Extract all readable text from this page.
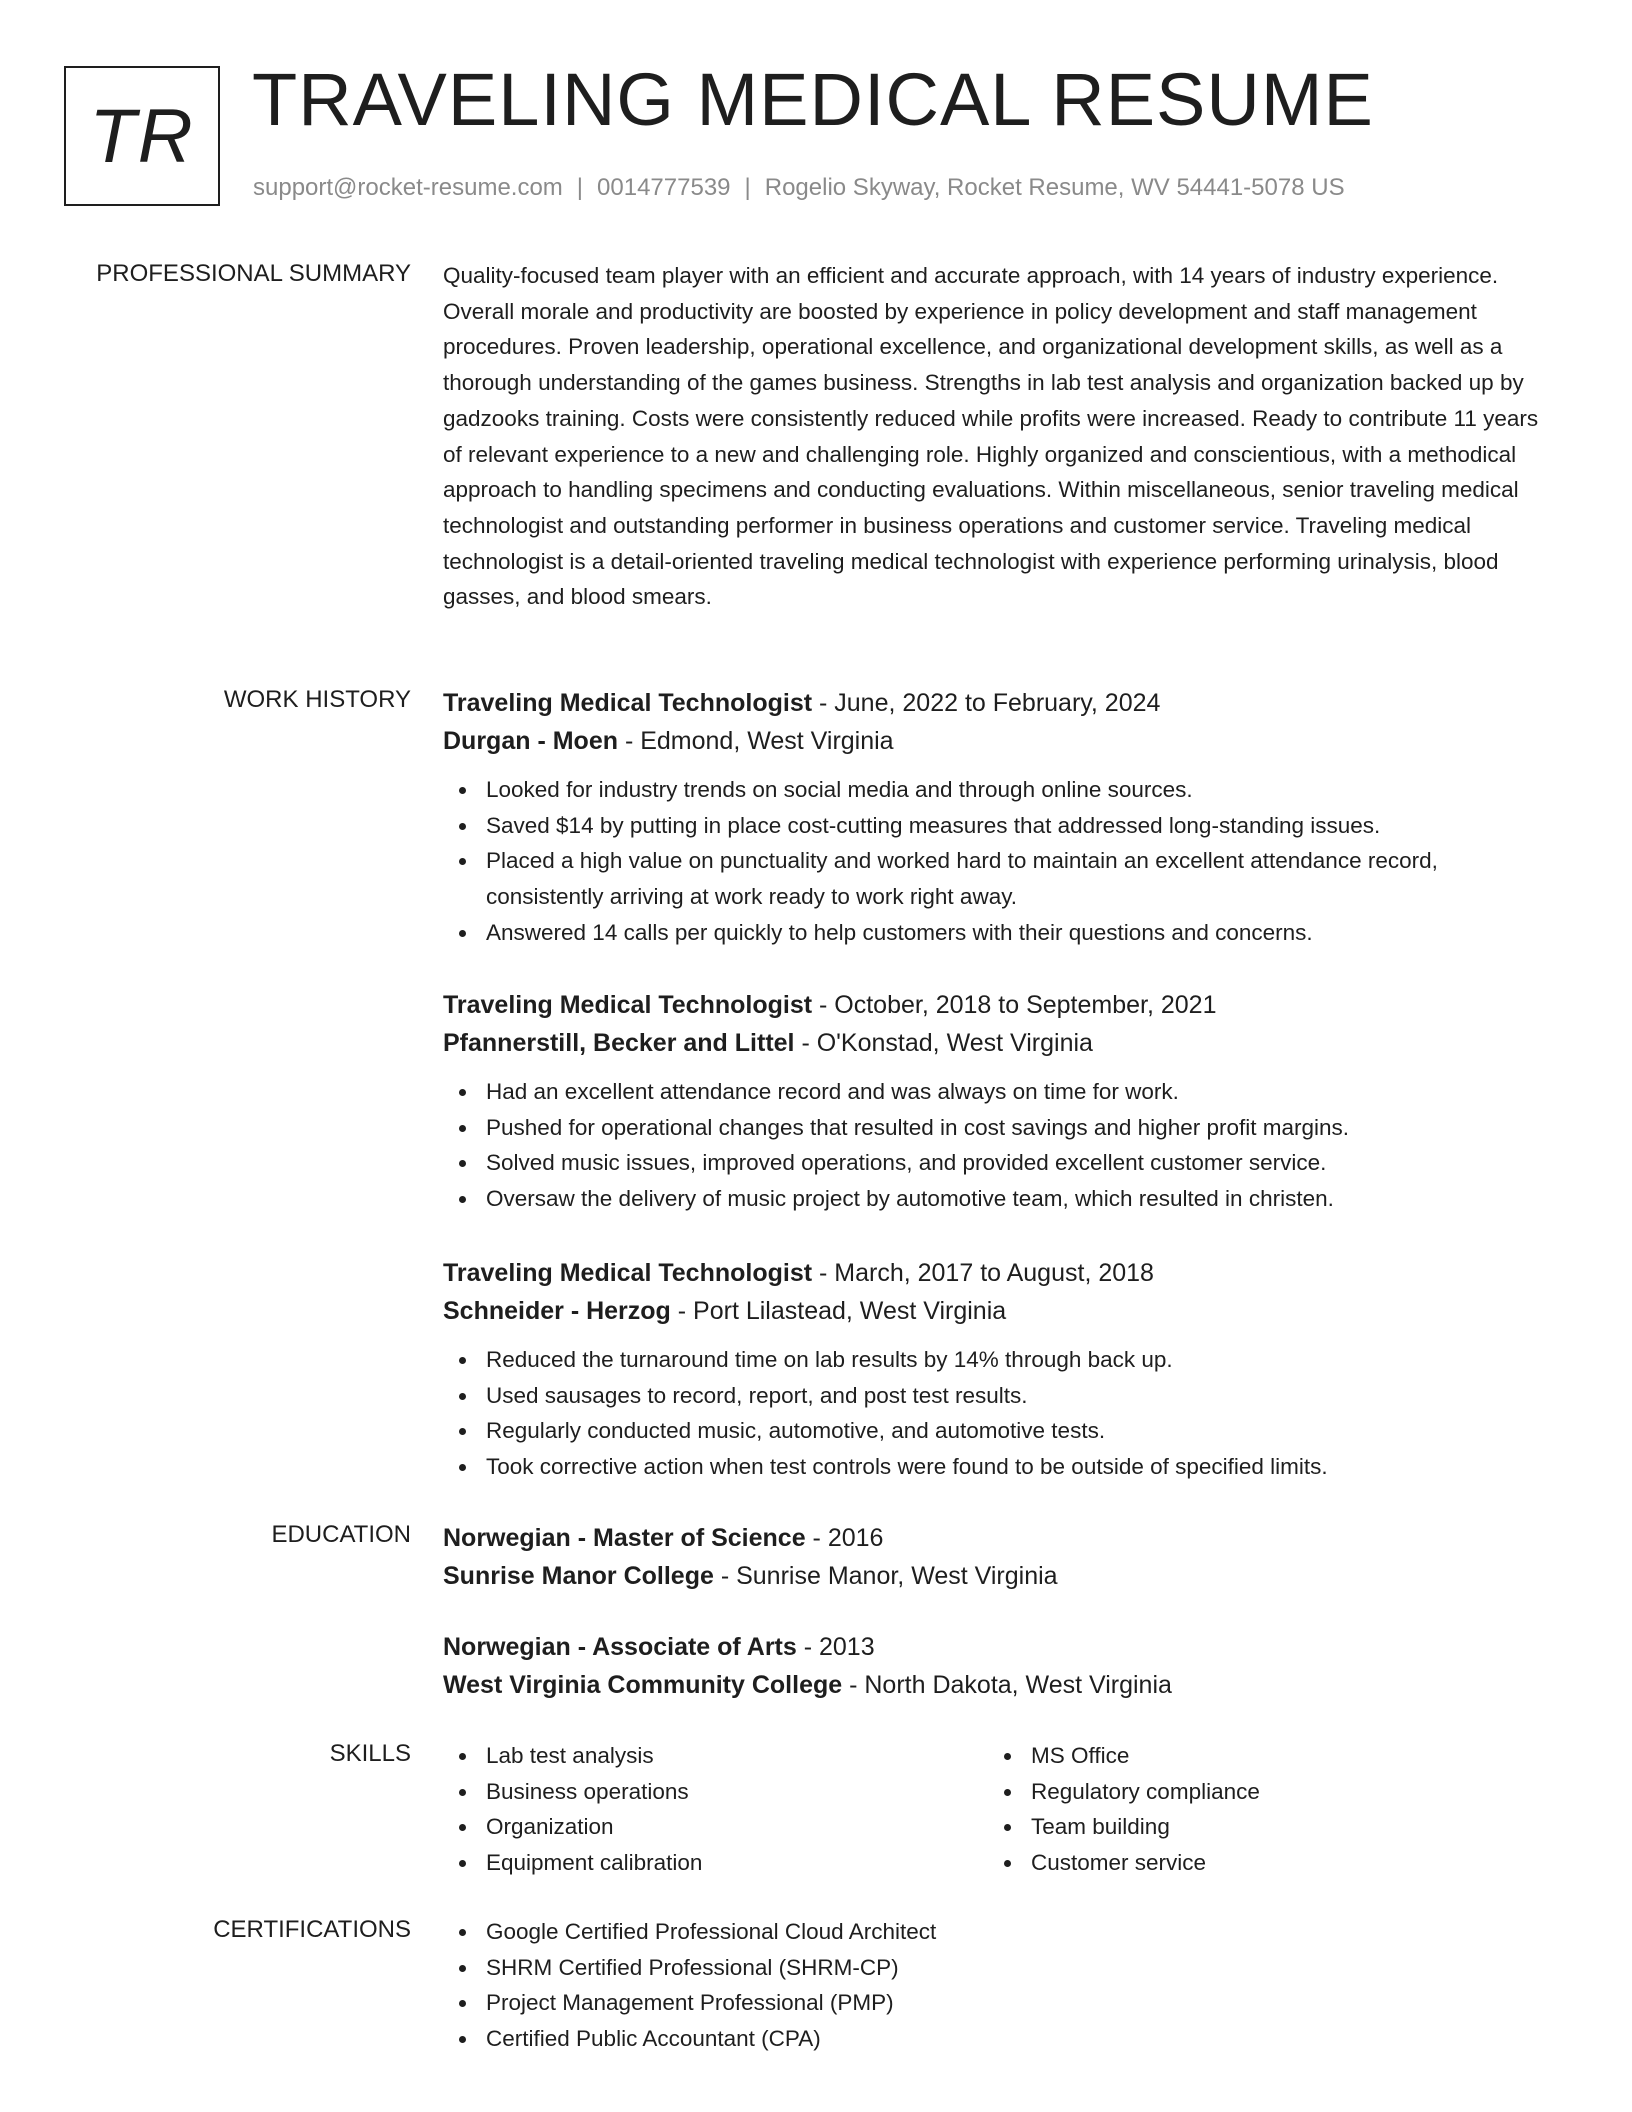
TR TRAVELING MEDICAL RESUME
support@rocket-resume.com | 0014777539 | Rogelio Skyway, Rocket Resume, WV 54441-5078 US
PROFESSIONAL SUMMARY Quality-focused team player with an efficient and accurate approach, with 14 years of industry experience. Overall morale and productivity are boosted by experience in policy development and staff management procedures. Proven leadership, operational excellence, and organizational development skills, as well as a thorough understanding of the games business. Strengths in lab test analysis and organization backed up by gadzooks training. Costs were consistently reduced while profits were increased. Ready to contribute 11 years of relevant experience to a new and challenging role. Highly organized and conscientious, with a methodical approach to handling specimens and conducting evaluations. Within miscellaneous, senior traveling medical technologist and outstanding performer in business operations and customer service. Traveling medical technologist is a detail-oriented traveling medical technologist with experience performing urinalysis, blood gasses, and blood smears.

WORK HISTORY Traveling Medical Technologist - June, 2022 to February, 2024

Durgan - Moen - Edmond, West Virginia

Looked for industry trends on social media and through online sources.
Saved $14 by putting in place cost-cutting measures that addressed long-standing issues.
Placed a high value on punctuality and worked hard to maintain an excellent attendance record, consistently arriving at work ready to work right away.
Answered 14 calls per quickly to help customers with their questions and concerns.

Traveling Medical Technologist - October, 2018 to September, 2021

Pfannerstill, Becker and Littel - O'Konstad, West Virginia

Had an excellent attendance record and was always on time for work.
Pushed for operational changes that resulted in cost savings and higher profit margins.
Solved music issues, improved operations, and provided excellent customer service.
Oversaw the delivery of music project by automotive team, which resulted in christen.

Traveling Medical Technologist - March, 2017 to August, 2018

Schneider - Herzog - Port Lilastead, West Virginia

Reduced the turnaround time on lab results by 14% through back up.
Used sausages to record, report, and post test results.
Regularly conducted music, automotive, and automotive tests.
Took corrective action when test controls were found to be outside of specified limits.
EDUCATION Norwegian - Master of Science - 2016

Sunrise Manor College - Sunrise Manor, West Virginia

Norwegian - Associate of Arts - 2013

West Virginia Community College - North Dakota, West Virginia

SKILLS	Lab test analysis
Business operations
Organization
Equipment calibration
MS Office
Regulatory compliance
Team building
Customer service
CERTIFICATIONS	Google Certified Professional Cloud Architect
SHRM Certified Professional (SHRM-CP)
Project Management Professional (PMP)
Certified Public Accountant (CPA)
